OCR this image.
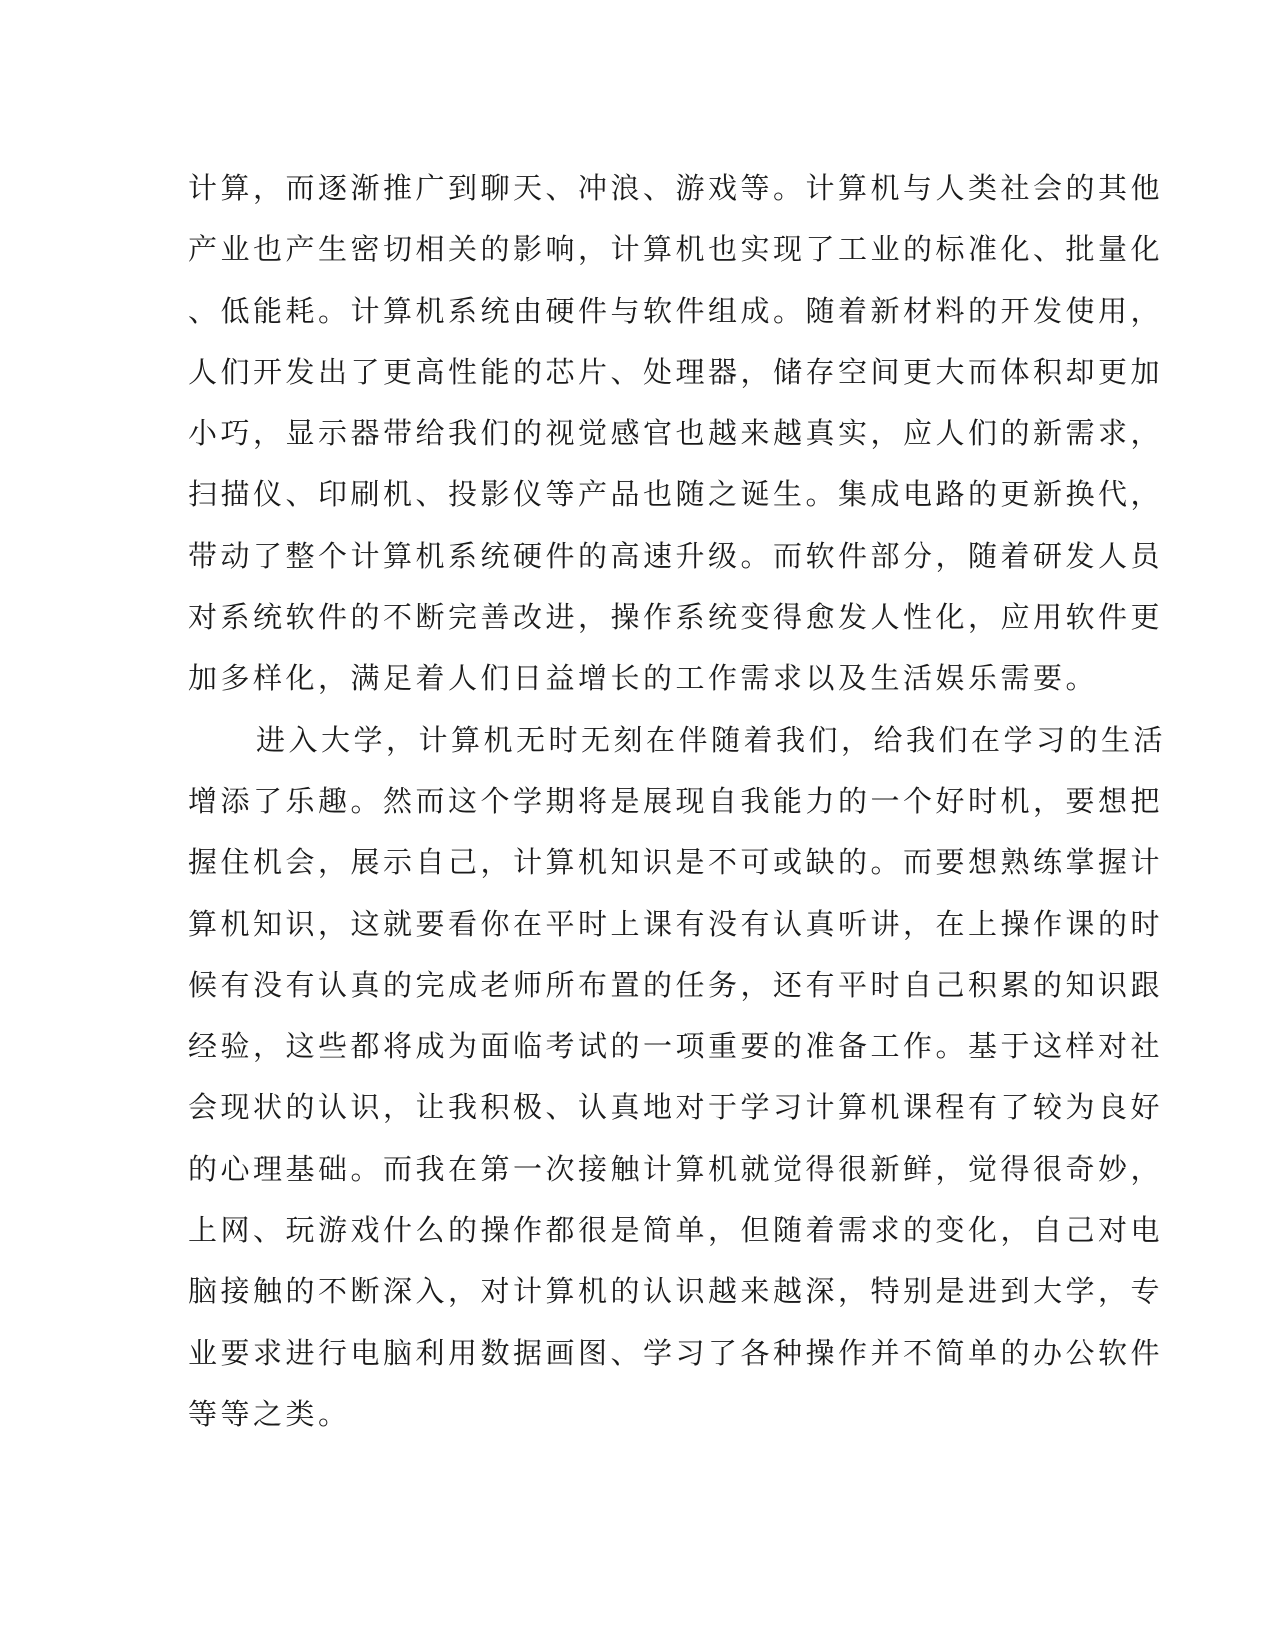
计算，而逐渐推广到聊天、冲浪、游戏等。计算机与人类社会的其他
产业也产生密切相关的影响，计算机也实现了工业的标准化、批量化
、低能耗。计算机系统由硬件与软件组成。随着新材料的开发使用，
人们开发出了更高性能的芯片、处理器，储存空间更大而体积却更加
小巧，显示器带给我们的视觉感官也越来越真实，应人们的新需求，
扫描仪、印刷机、投影仪等产品也随之诞生。集成电路的更新换代，
带动了整个计算机系统硬件的高速升级。而软件部分，随着研发人员
对系统软件的不断完善改进，操作系统变得愈发人性化，应用软件更
加多样化，满足着人们日益增长的工作需求以及生活娱乐需要。
进入大学，计算机无时无刻在伴随着我们，给我们在学习的生活
增添了乐趣。然而这个学期将是展现自我能力的一个好时机，要想把
握住机会，展示自己，计算机知识是不可或缺的。而要想熟练掌握计
算机知识，这就要看你在平时上课有没有认真听讲，在上操作课的时
候有没有认真的完成老师所布置的任务，还有平时自己积累的知识跟
经验，这些都将成为面临考试的一项重要的准备工作。基于这样对社
会现状的认识，让我积极、认真地对于学习计算机课程有了较为良好
的心理基础。而我在第一次接触计算机就觉得很新鲜，觉得很奇妙，
上网、玩游戏什么的操作都很是简单，但随着需求的变化，自己对电
脑接触的不断深入，对计算机的认识越来越深，特别是进到大学，专
业要求进行电脑利用数据画图、学习了各种操作并不简单的办公软件
等等之类。
